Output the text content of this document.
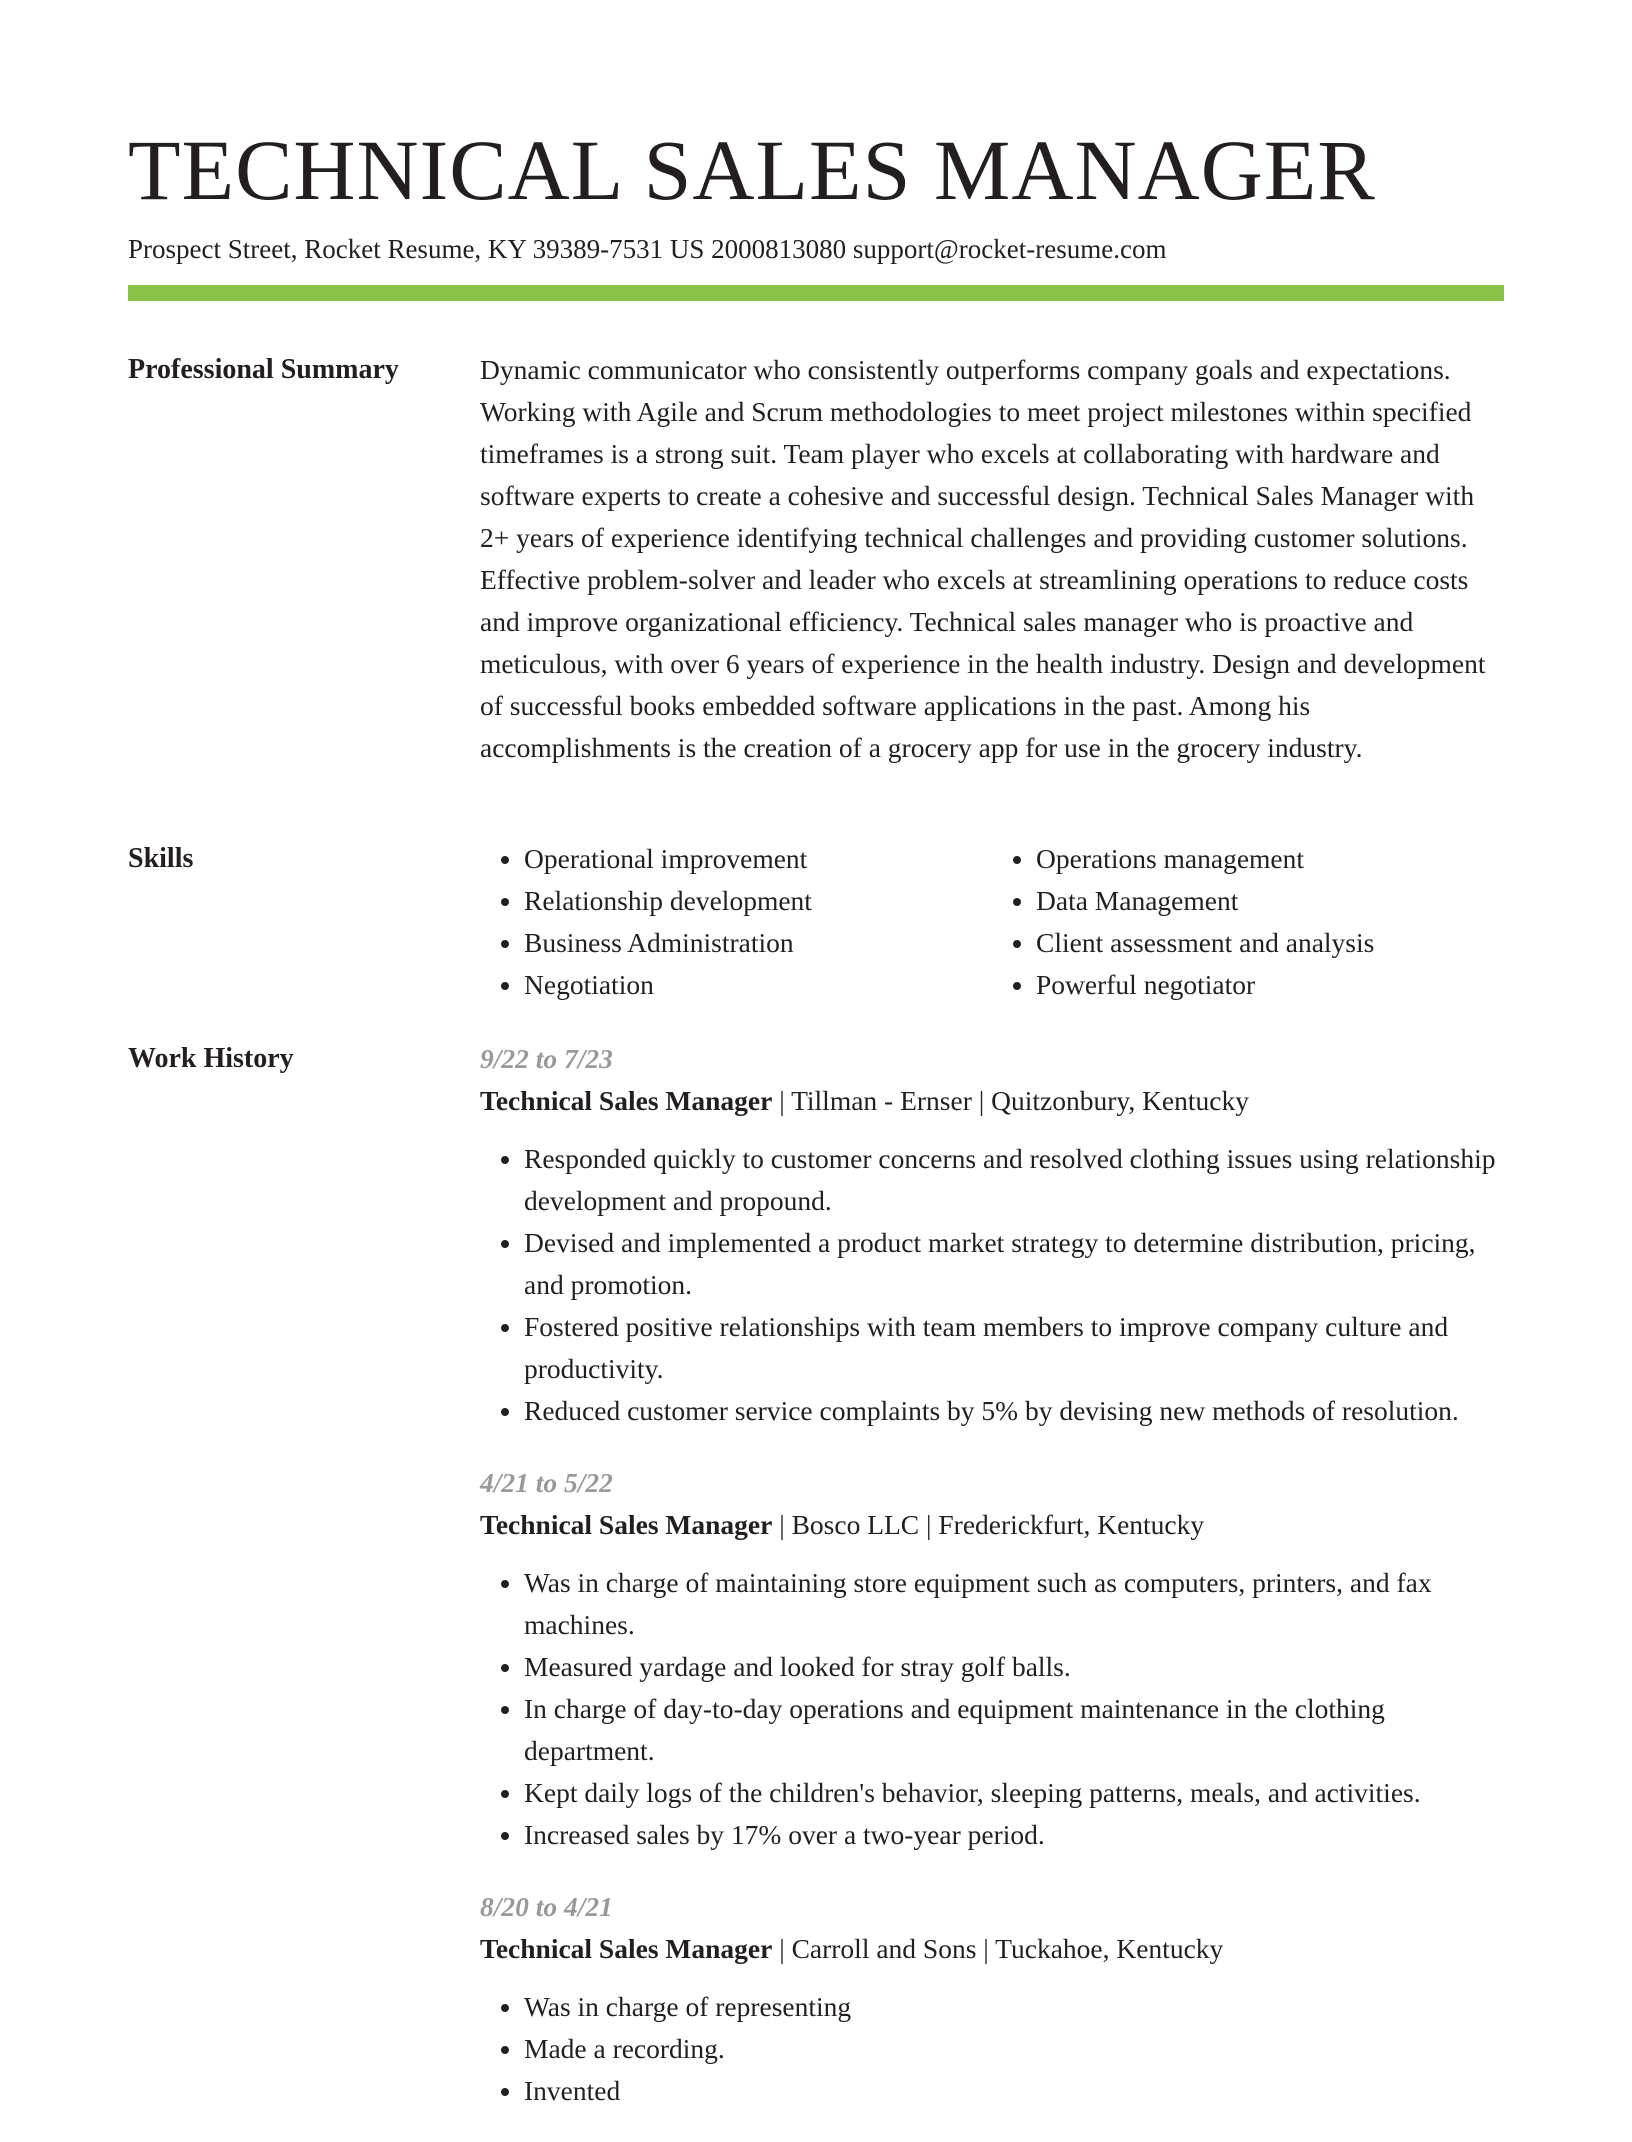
TECHNICAL SALES MANAGER
Prospect Street, Rocket Resume, KY 39389-7531 US 2000813080 support@rocket-resume.com
Professional Summary	Dynamic communicator who consistently outperforms company goals and expectations. Working with Agile and Scrum methodologies to meet project milestones within specified timeframes is a strong suit. Team player who excels at collaborating with hardware and software experts to create a cohesive and successful design. Technical Sales Manager with 2+ years of experience identifying technical challenges and providing customer solutions. Effective problem-solver and leader who excels at streamlining operations to reduce costs and improve organizational efficiency. Technical sales manager who is proactive and meticulous, with over 6 years of experience in the health industry. Design and development of successful books embedded software applications in the past. Among his accomplishments is the creation of a grocery app for use in the grocery industry.

Skills
•	Operational improvement
• Relationship development
• Business Administration
• Negotiation
• Operations management
• Data Management
• Client assessment and analysis
• Powerful negotiator
Work History	9/22 to 7/23
Technical Sales Manager | Tillman - Ernser | Quitzonbury, Kentucky
• Responded quickly to customer concerns and resolved clothing issues using relationship development and propound.
• Devised and implemented a product market strategy to determine distribution, pricing, and promotion.
• Fostered positive relationships with team members to improve company culture and productivity.
• Reduced customer service complaints by 5% by devising new methods of resolution.
4/21 to 5/22
Technical Sales Manager | Bosco LLC | Frederickfurt, Kentucky
• Was in charge of maintaining store equipment such as computers, printers, and fax machines.
• Measured yardage and looked for stray golf balls.
• In charge of day-to-day operations and equipment maintenance in the clothing department.
• Kept daily logs of the children's behavior, sleeping patterns, meals, and activities.
• Increased sales by 17% over a two-year period.
8/20 to 4/21
Technical Sales Manager | Carroll and Sons | Tuckahoe, Kentucky
• Was in charge of representing
• Made a recording.
• Invented
